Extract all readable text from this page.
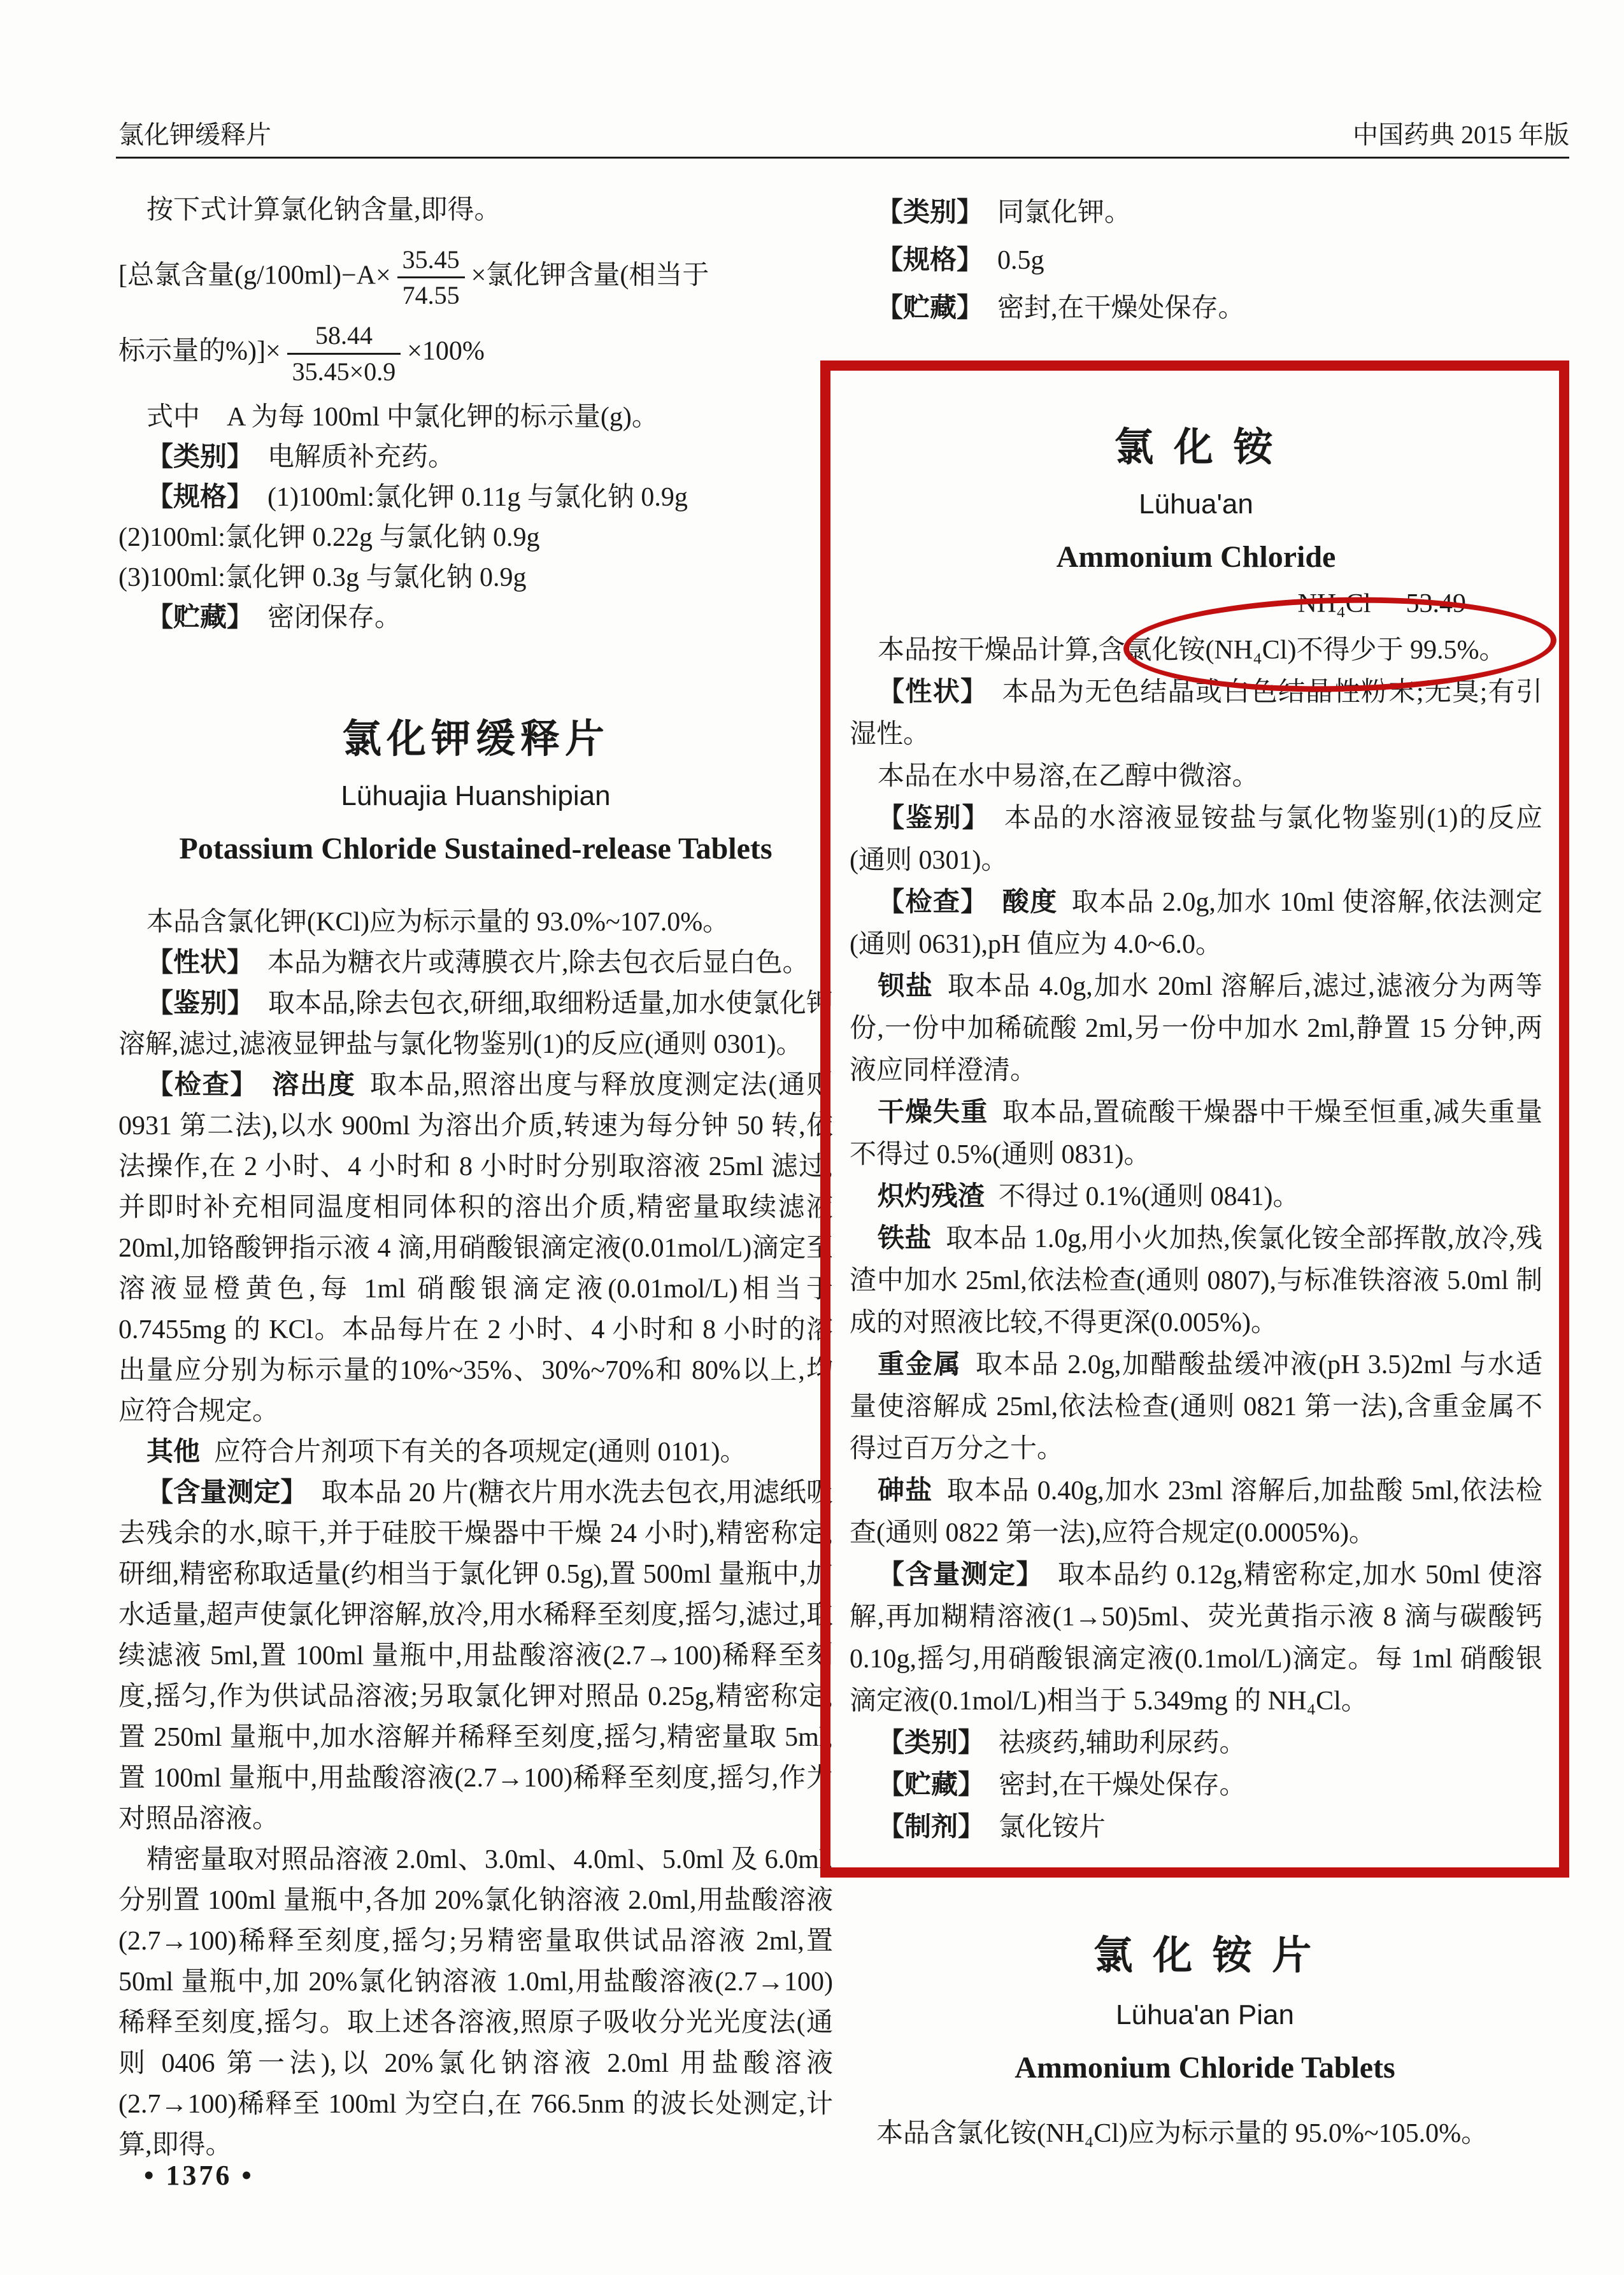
氯化钾缓释片	中国药典 2015 年版

按下式计算氯化钠含量,即得。

[总氯含量$(g/100ml)-A\times \frac{35.45}{74.55}$ ×氯化钾含量(相当于
标示量的%)]× $\frac{58.44}{35.45\times 0.9} \times 100\%$

式中　A 为每 100ml 中氯化钾的标示量(g)。

【类别】 电解质补充药。

【规格】 (1)100ml:氯化钾 0.11g 与氯化钠 0.9g

(2)100ml:氯化钾 0.22g 与氯化钠 0.9g

(3)100ml:氯化钾 0.3g 与氯化钠 0.9g

【贮藏】 密闭保存。

氯化钾缓释片
Lühuajia Huanshipian
Potassium Chloride Sustained-release Tablets

本品含氯化钾(KCl)应为标示量的 93.0%~107.0%。

【性状】 本品为糖衣片或薄膜衣片,除去包衣后显白色。

【鉴别】 取本品,除去包衣,研细,取细粉适量,加水使氯化钾溶解,滤过,滤液显钾盐与氯化物鉴别(1)的反应(通则 0301)。

【检查】 溶出度 取本品,照溶出度与释放度测定法(通则 0931 第二法),以水 900ml 为溶出介质,转速为每分钟 50 转,依法操作,在 2 小时、4 小时和 8 小时时分别取溶液 25ml 滤过,并即时补充相同温度相同体积的溶出介质,精密量取续滤液 20ml,加铬酸钾指示液 4 滴,用硝酸银滴定液(0.01mol/L)滴定至溶液显橙黄色,每 1ml 硝酸银滴定液(0.01mol/L)相当于 0.7455mg 的 KCl。本品每片在 2 小时、4 小时和 8 小时的溶出量应分别为标示量的10%~35%、30%~70%和 80%以上,均应符合规定。

其他 应符合片剂项下有关的各项规定(通则 0101)。

【含量测定】 取本品 20 片(糖衣片用水洗去包衣,用滤纸吸去残余的水,晾干,并于硅胶干燥器中干燥 24 小时),精密称定,研细,精密称取适量(约相当于氯化钾 0.5g),置 500ml 量瓶中,加水适量,超声使氯化钾溶解,放冷,用水稀释至刻度,摇匀,滤过,取续滤液 5ml,置 100ml 量瓶中,用盐酸溶液(2.7→100)稀释至刻度,摇匀,作为供试品溶液;另取氯化钾对照品 0.25g,精密称定,置 250ml 量瓶中,加水溶解并稀释至刻度,摇匀,精密量取 5ml,置 100ml 量瓶中,用盐酸溶液(2.7→100)稀释至刻度,摇匀,作为对照品溶液。

精密量取对照品溶液 2.0ml、3.0ml、4.0ml、5.0ml 及 6.0ml,分别置 100ml 量瓶中,各加 20%氯化钠溶液 2.0ml,用盐酸溶液(2.7→100)稀释至刻度,摇匀;另精密量取供试品溶液 2ml,置 50ml 量瓶中,加 20%氯化钠溶液 1.0ml,用盐酸溶液(2.7→100)稀释至刻度,摇匀。取上述各溶液,照原子吸收分光光度法(通则 0406 第一法),以 20%氯化钠溶液 2.0ml 用盐酸溶液(2.7→100)稀释至 100ml 为空白,在 766.5nm 的波长处测定,计算,即得。

【类别】 同氯化钾。

【规格】 0.5g

【贮藏】 密封,在干燥处保存。

氯 化 铵
Lühua'an
Ammonium Chloride
NH₄Cl 53.49

本品按干燥品计算,含氯化铵(NH₄Cl)不得少于 99.5%。

【性状】 本品为无色结晶或白色结晶性粉末;无臭;有引湿性。

本品在水中易溶,在乙醇中微溶。

【鉴别】 本品的水溶液显铵盐与氯化物鉴别(1)的反应(通则 0301)。

【检查】 酸度 取本品 2.0g,加水 10ml 使溶解,依法测定(通则 0631),pH 值应为 4.0~6.0。

钡盐 取本品 4.0g,加水 20ml 溶解后,滤过,滤液分为两等份,一份中加稀硫酸 2ml,另一份中加水 2ml,静置 15 分钟,两液应同样澄清。

干燥失重 取本品,置硫酸干燥器中干燥至恒重,减失重量不得过 0.5%(通则 0831)。

炽灼残渣 不得过 0.1%(通则 0841)。

铁盐 取本品 1.0g,用小火加热,俟氯化铵全部挥散,放冷,残渣中加水 25ml,依法检查(通则 0807),与标准铁溶液 5.0ml 制成的对照液比较,不得更深(0.005%)。

重金属 取本品 2.0g,加醋酸盐缓冲液(pH 3.5)2ml 与水适量使溶解成 25ml,依法检查(通则 0821 第一法),含重金属不得过百万分之十。

砷盐 取本品 0.40g,加水 23ml 溶解后,加盐酸 5ml,依法检查(通则 0822 第一法),应符合规定(0.0005%)。

【含量测定】 取本品约 0.12g,精密称定,加水 50ml 使溶解,再加糊精溶液(1→50)5ml、荧光黄指示液 8 滴与碳酸钙 0.10g,摇匀,用硝酸银滴定液(0.1mol/L)滴定。每 1ml 硝酸银滴定液(0.1mol/L)相当于 5.349mg 的 NH₄Cl。

【类别】 祛痰药,辅助利尿药。

【贮藏】 密封,在干燥处保存。

【制剂】 氯化铵片

氯 化 铵 片
Lühua'an Pian
Ammonium Chloride Tablets

本品含氯化铵(NH₄Cl)应为标示量的 95.0%~105.0%。

• 1376 •
